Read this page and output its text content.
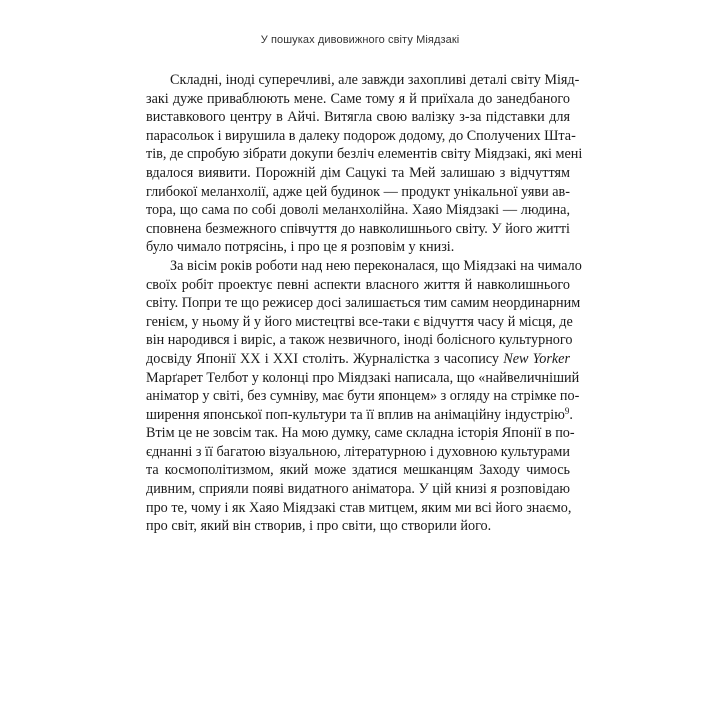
У пошуках дивовижного світу Міядзакі
Складні, іноді суперечливі, але завжди захопливі деталі світу Міяд-
закі дуже приваблюють мене. Саме тому я й приїхала до занедбаного
виставкового центру в Айчі. Витягла свою валізку з-за підставки для
парасольок і вирушила в далеку подорож додому, до Сполучених Шта-
тів, де спробую зібрати докупи безліч елементів світу Міядзакі, які мені
вдалося виявити. Порожній дім Сацукі та Мей залишаю з відчуттям
глибокої меланхолії, адже цей будинок — продукт унікальної уяви ав-
тора, що сама по собі доволі меланхолійна. Хаяо Міядзакі — людина,
сповнена безмежного співчуття до навколишнього світу. У його житті
було чимало потрясінь, і про це я розповім у книзі.
За вісім років роботи над нею переконалася, що Міядзакі на чимало
своїх робіт проектує певні аспекти власного життя й навколишнього
світу. Попри те що режисер досі залишається тим самим неординарним
генієм, у ньому й у його мистецтві все-таки є відчуття часу й місця, де
він народився і виріс, а також незвичного, іноді болісного культурного
досвіду Японії XX і XXI століть. Журналістка з часопису New Yorker
Марґарет Телбот у колонці про Міядзакі написала, що «найвеличніший
аніматор у світі, без сумніву, має бути японцем» з огляду на стрімке по-
ширення японської поп-культури та її вплив на анімаційну індустрію$^9$.
Втім це не зовсім так. На мою думку, саме складна історія Японії в по-
єднанні з її багатою візуальною, літературною і духовною культурами
та космополітизмом, який може здатися мешканцям Заходу чимось
дивним, сприяли появі видатного аніматора. У цій книзі я розповідаю
про те, чому і як Хаяо Міядзакі став митцем, яким ми всі його знаємо,
про світ, який він створив, і про світи, що створили його.
